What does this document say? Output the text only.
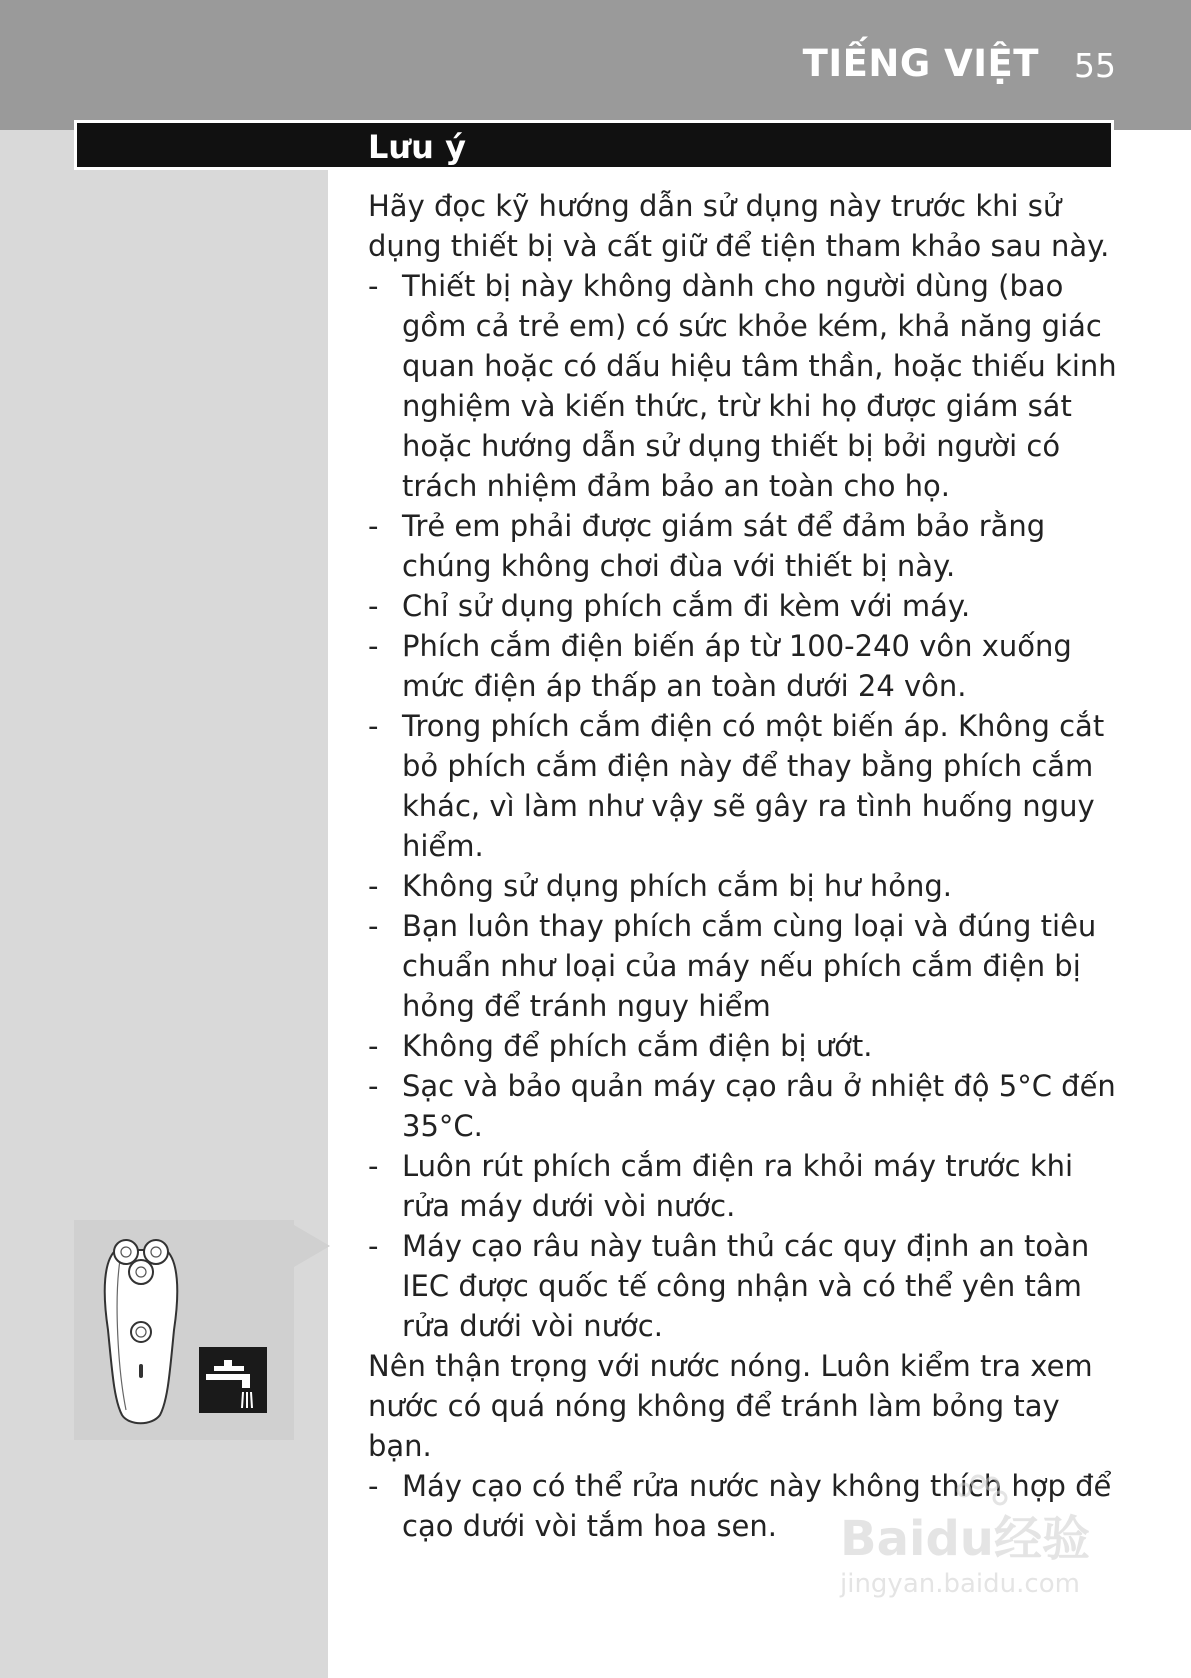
TIẾNG VIỆT 55
Lưu ý

Hãy đọc kỹ hướng dẫn sử dụng này trước khi sử dụng thiết bị và cất giữ để tiện tham khảo sau này.

- Thiết bị này không dành cho người dùng (bao gồm cả trẻ em) có sức khỏe kém, khả năng giác quan hoặc có dấu hiệu tâm thần, hoặc thiếu kinh nghiệm và kiến thức, trừ khi họ được giám sát hoặc hướng dẫn sử dụng thiết bị bởi người có trách nhiệm đảm bảo an toàn cho họ.
- Trẻ em phải được giám sát để đảm bảo rằng chúng không chơi đùa với thiết bị này.
- Chỉ sử dụng phích cắm đi kèm với máy.
- Phích cắm điện biến áp từ 100-240 vôn xuống mức điện áp thấp an toàn dưới 24 vôn.
- Trong phích cắm điện có một biến áp. Không cắt bỏ phích cắm điện này để thay bằng phích cắm khác, vì làm như vậy sẽ gây ra tình huống nguy hiểm.
- Không sử dụng phích cắm bị hư hỏng.
- Bạn luôn thay phích cắm cùng loại và đúng tiêu chuẩn như loại của máy nếu phích cắm điện bị hỏng để tránh nguy hiểm
- Không để phích cắm điện bị ướt.
- Sạc và bảo quản máy cạo râu ở nhiệt độ 5°C đến 35°C.
- Luôn rút phích cắm điện ra khỏi máy trước khi rửa máy dưới vòi nước.
- Máy cạo râu này tuân thủ các quy định an toàn IEC được quốc tế công nhận và có thể yên tâm rửa dưới vòi nước.

Nên thận trọng với nước nóng. Luôn kiểm tra xem nước có quá nóng không để tránh làm bỏng tay bạn.

- Máy cạo có thể rửa nước này không thích hợp để cạo dưới vòi tắm hoa sen.	Baidu经验
jingyan.baidu.com
